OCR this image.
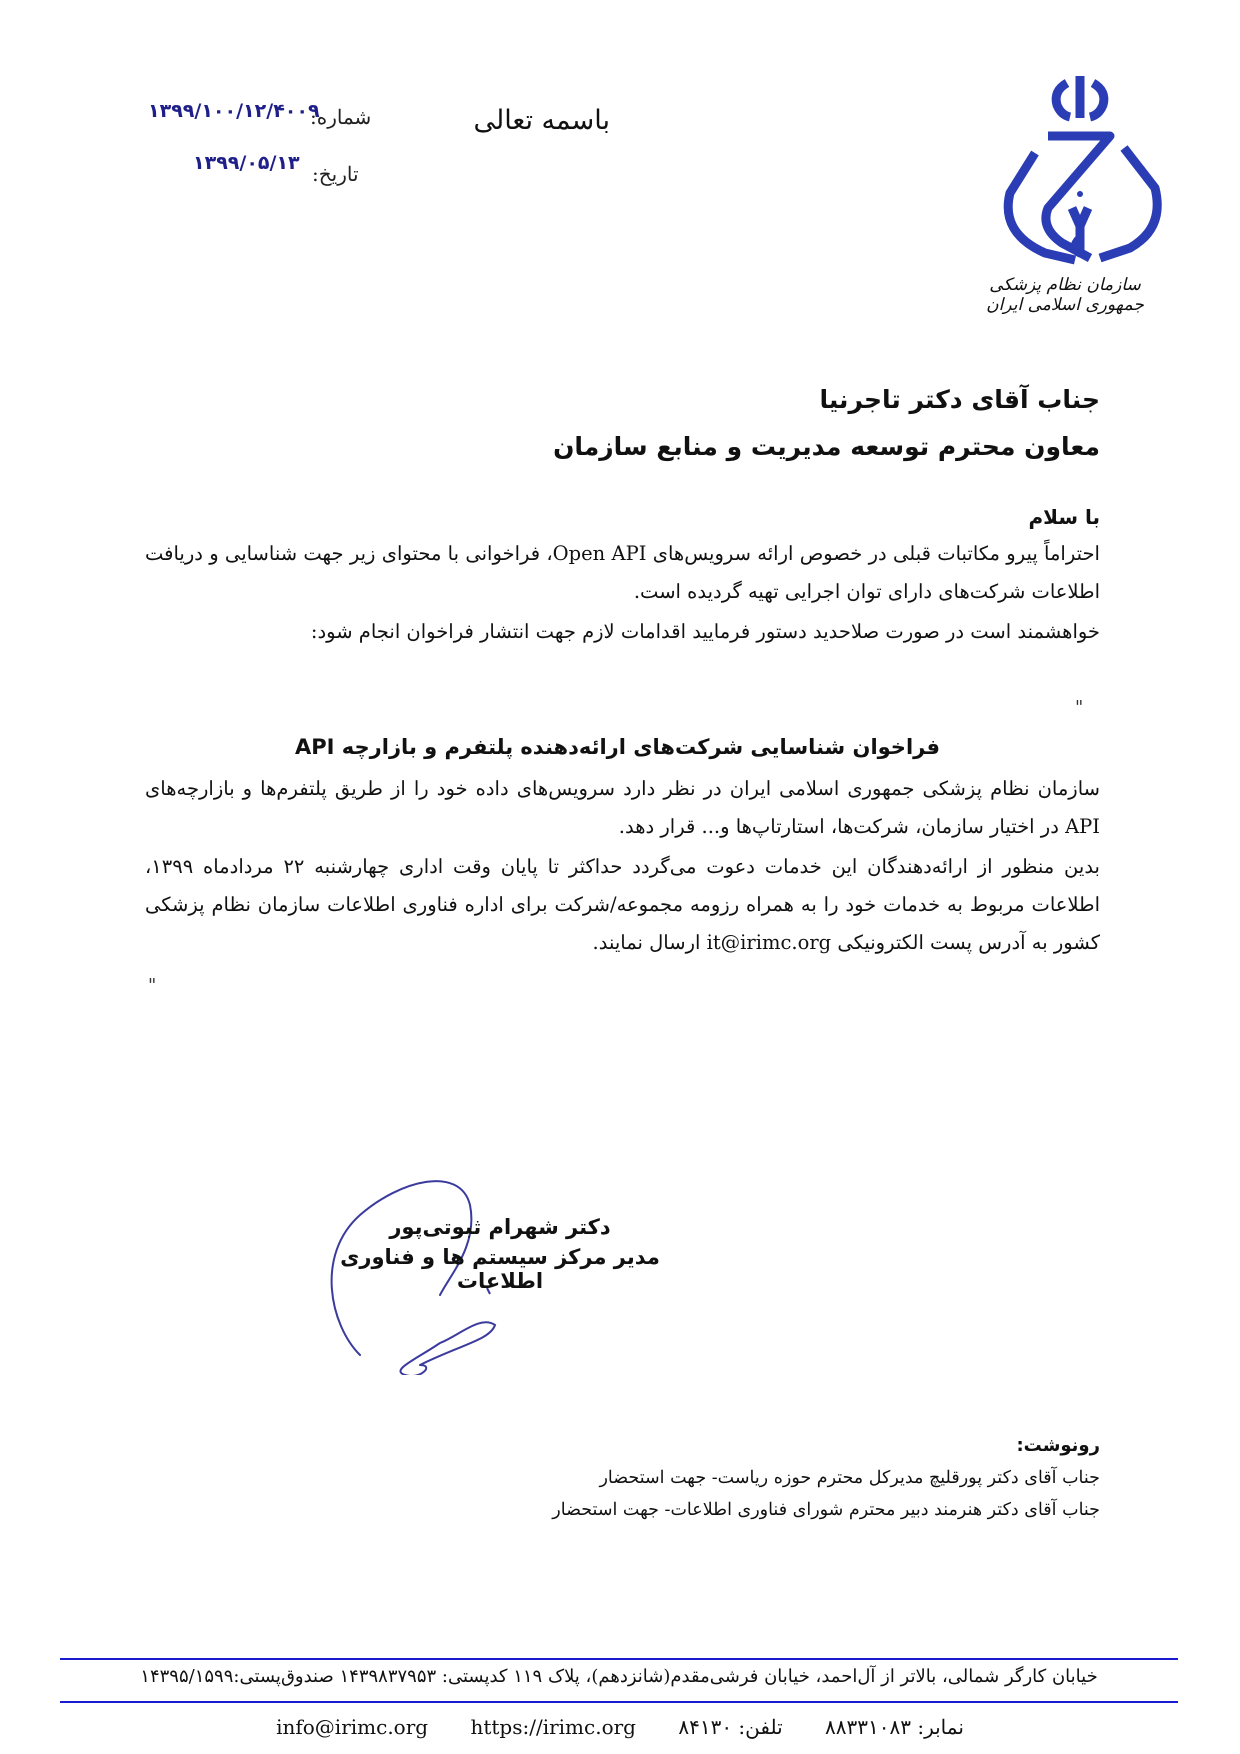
باسمه تعالی
شماره:
۱۳۹۹/۱۰۰/۱۲/۴۰۰۹
تاریخ:
۱۳۹۹/۰۵/۱۳
سازمان نظام پزشکی جمهوری اسلامی ایران
جناب آقای دکتر تاجرنیا
معاون محترم توسعه مدیریت و منابع سازمان
با سلام
احتراماً پیرو مکاتبات قبلی در خصوص ارائه سرویس‌های Open API، فراخوانی با محتوای زیر جهت شناسایی و دریافت اطلاعات شرکت‌های دارای توان اجرایی تهیه گردیده است.
خواهشمند است در صورت صلاحدید دستور فرمایید اقدامات لازم جهت انتشار فراخوان انجام شود:
"
فراخوان شناسایی شرکت‌های ارائه‌دهنده پلتفرم و بازارچه API
سازمان نظام پزشکی جمهوری اسلامی ایران در نظر دارد سرویس‌های داده خود را از طریق پلتفرم‌ها و بازارچه‌های API در اختیار سازمان، شرکت‌ها، استارتاپ‌ها و... قرار دهد.
بدین منظور از ارائه‌دهندگان این خدمات دعوت می‌گردد حداکثر تا پایان وقت اداری چهارشنبه ۲۲ مردادماه ۱۳۹۹، اطلاعات مربوط به خدمات خود را به همراه رزومه مجموعه/شرکت برای اداره فناوری اطلاعات سازمان نظام پزشکی کشور به آدرس پست الکترونیکی it@irimc.org ارسال نمایند.
"
دکتر شهرام ثبوتی‌پور
مدیر مرکز سیستم ها و فناوری اطلاعات
رونوشت:
جناب آقای دکتر پورقلیچ مدیرکل محترم حوزه ریاست- جهت استحضار
جناب آقای دکتر هنرمند دبیر محترم شورای فناوری اطلاعات- جهت استحضار
خیابان کارگر شمالی، بالاتر از آل‌احمد، خیابان فرشی‌مقدم(شانزدهم)، پلاک ۱۱۹ کدپستی: ۱۴۳۹۸۳۷۹۵۳ صندوق‌پستی:۱۴۳۹۵/۱۵۹۹
info@irimc.org https://irimc.org	نمابر: ۸۸۳۳۱۰۸۳ تلفن: ۸۴۱۳۰
